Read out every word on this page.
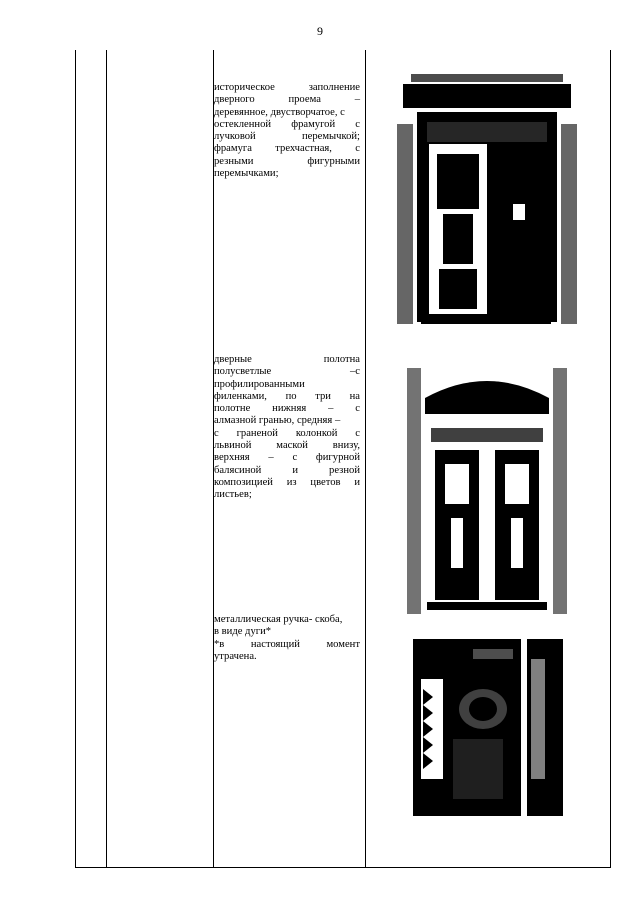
9
историческое заполнение
дверного проема –
деревянное, двустворчатое, с
остекленной фрамугой с
лучковой перемычкой;
фрамуга трехчастная, с
резными фигурными
перемычками;
дверные полотна
полусветлые –с
профилированными
филенками, по три на
полотне нижняя – с
алмазной гранью, средняя –
с граненой колонкой с
львиной маской внизу,
верхняя – с фигурной
балясиной и резной
композицией из цветов и
листьев;
металлическая ручка- скоба,
в виде дуги*
*в настоящий момент
утрачена.
